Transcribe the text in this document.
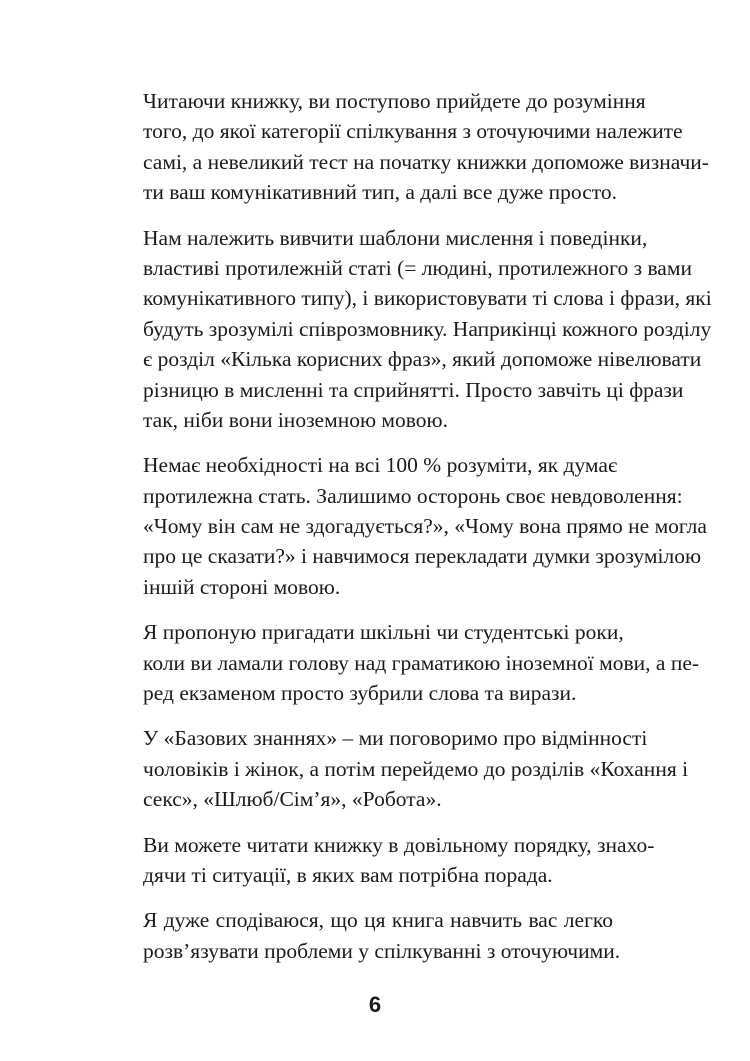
Читаючи книжку, ви поступово прийдете до розуміння
того, до якої категорії спілкування з оточуючими належите
самі, а невеликий тест на початку книжки допоможе визначи-
ти ваш комунікативний тип, а далі все дуже просто.
Нам належить вивчити шаблони мислення і поведінки,
властиві протилежній статі (= людині, протилежного з вами
комунікативного типу), і використовувати ті слова і фрази, які
будуть зрозумілі співрозмовнику. Наприкінці кожного розділу
є розділ «Кілька корисних фраз», який допоможе нівелювати
різницю в мисленні та сприйнятті. Просто завчіть ці фрази
так, ніби вони іноземною мовою.
Немає необхідності на всі 100 % розуміти, як думає
протилежна стать. Залишимо осторонь своє невдоволення:
«Чому він сам не здогадується?», «Чому вона прямо не могла
про це сказати?» і навчимося перекладати думки зрозумілою
іншій стороні мовою.
Я пропоную пригадати шкільні чи студентські роки,
коли ви ламали голову над граматикою іноземної мови, а пе-
ред екзаменом просто зубрили слова та вирази.
У «Базових знаннях» – ми поговоримо про відмінності
чоловіків і жінок, а потім перейдемо до розділів «Кохання і
секс», «Шлюб/Сім’я», «Робота».
Ви можете читати книжку в довільному порядку, знахо-
дячи ті ситуації, в яких вам потрібна порада.
Я дуже сподіваюся, що ця книга навчить вас легко
розв’язувати проблеми у спілкуванні з оточуючими.
6
